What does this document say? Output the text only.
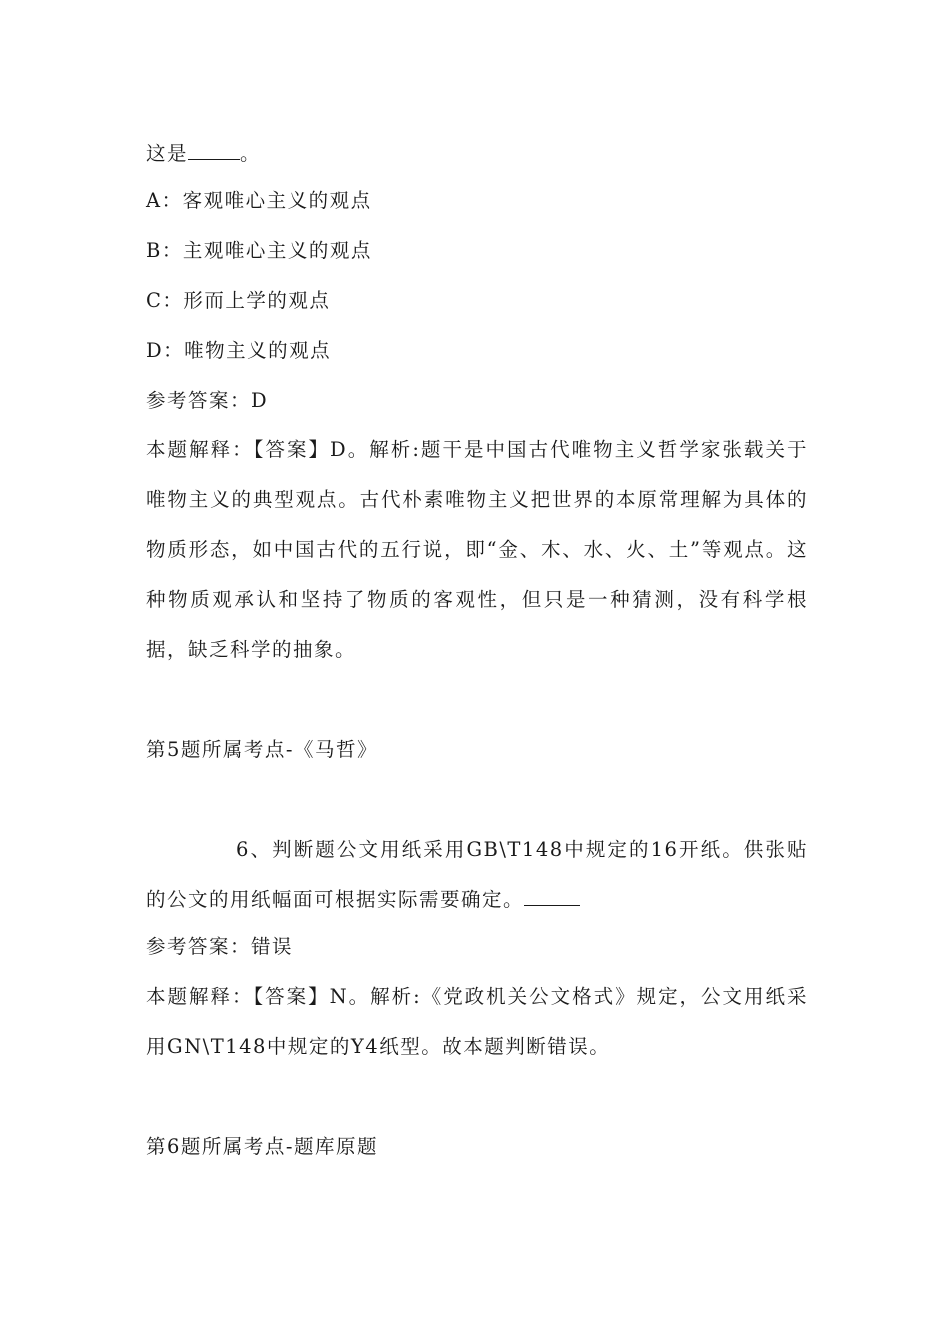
这是	。
A：客观唯心主义的观点
B：主观唯心主义的观点
C：形而上学的观点
D：唯物主义的观点
参考答案：D
本题解释：【答案】D。解析:题干是中国古代唯物主义哲学家张载关于唯物主义的典型观点。古代朴素唯物主义把世界的本原常理解为具体的物质形态，如中国古代的五行说，即“金、木、水、火、土”等观点。这种物质观承认和坚持了物质的客观性，但只是一种猜测，没有科学根据，缺乏科学的抽象。
第5题所属考点-《马哲》
6、判断题公文用纸采用GB\T148中规定的16开纸。供张贴的公文的用纸幅面可根据实际需要确定。
参考答案：错误
本题解释：【答案】N。解析:《党政机关公文格式》规定，公文用纸采用GN\T148中规定的Y4纸型。故本题判断错误。
第6题所属考点-题库原题
